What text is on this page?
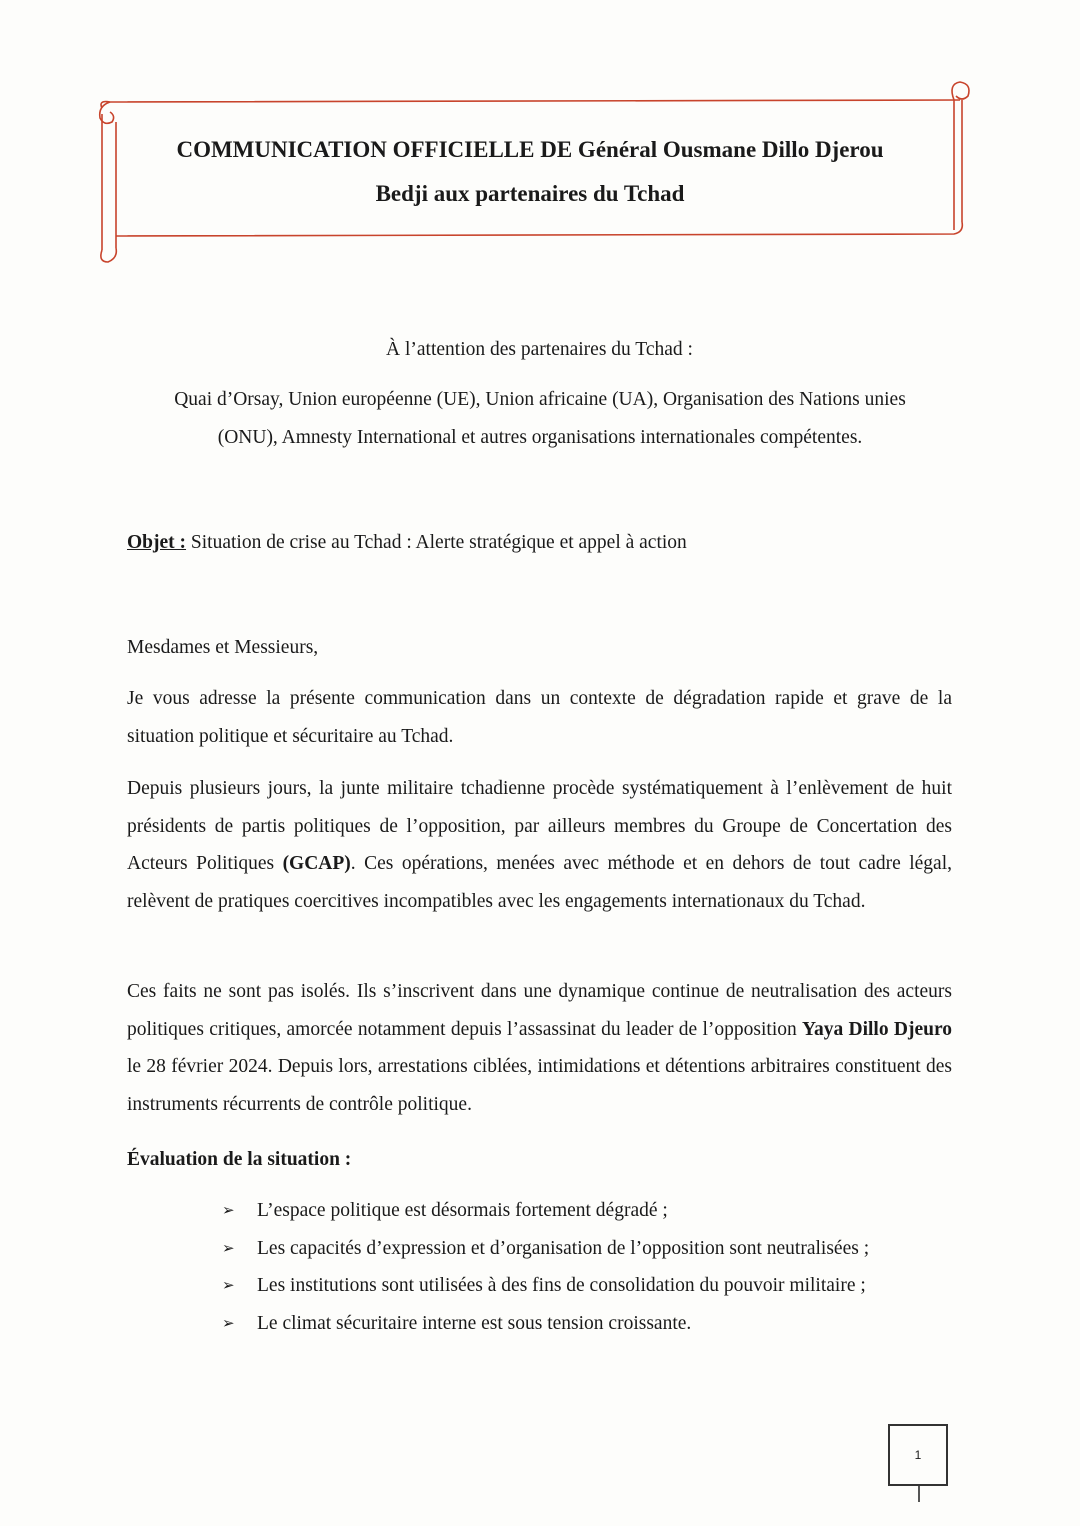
COMMUNICATION OFFICIELLE DE Général Ousmane Dillo Djerou
Bedji aux partenaires du Tchad

À l’attention des partenaires du Tchad :

Quai d’Orsay, Union européenne (UE), Union africaine (UA), Organisation des Nations unies
(ONU), Amnesty International et autres organisations internationales compétentes.

Objet : Situation de crise au Tchad : Alerte stratégique et appel à action

Mesdames et Messieurs,

Je vous adresse la présente communication dans un contexte de dégradation rapide et grave de la situation politique et sécuritaire au Tchad.

Depuis plusieurs jours, la junte militaire tchadienne procède systématiquement à l’enlèvement de huit présidents de partis politiques de l’opposition, par ailleurs membres du Groupe de Concertation des Acteurs Politiques (GCAP). Ces opérations, menées avec méthode et en dehors de tout cadre légal, relèvent de pratiques coercitives incompatibles avec les engagements internationaux du Tchad.

Ces faits ne sont pas isolés. Ils s’inscrivent dans une dynamique continue de neutralisation des acteurs politiques critiques, amorcée notamment depuis l’assassinat du leader de l’opposition Yaya Dillo Djeuro le 28 février 2024. Depuis lors, arrestations ciblées, intimidations et détentions arbitraires constituent des instruments récurrents de contrôle politique.

Évaluation de la situation :

➢ L’espace politique est désormais fortement dégradé ;
➢ Les capacités d’expression et d’organisation de l’opposition sont neutralisées ;
➢ Les institutions sont utilisées à des fins de consolidation du pouvoir militaire ;
➢ Le climat sécuritaire interne est sous tension croissante.
1
